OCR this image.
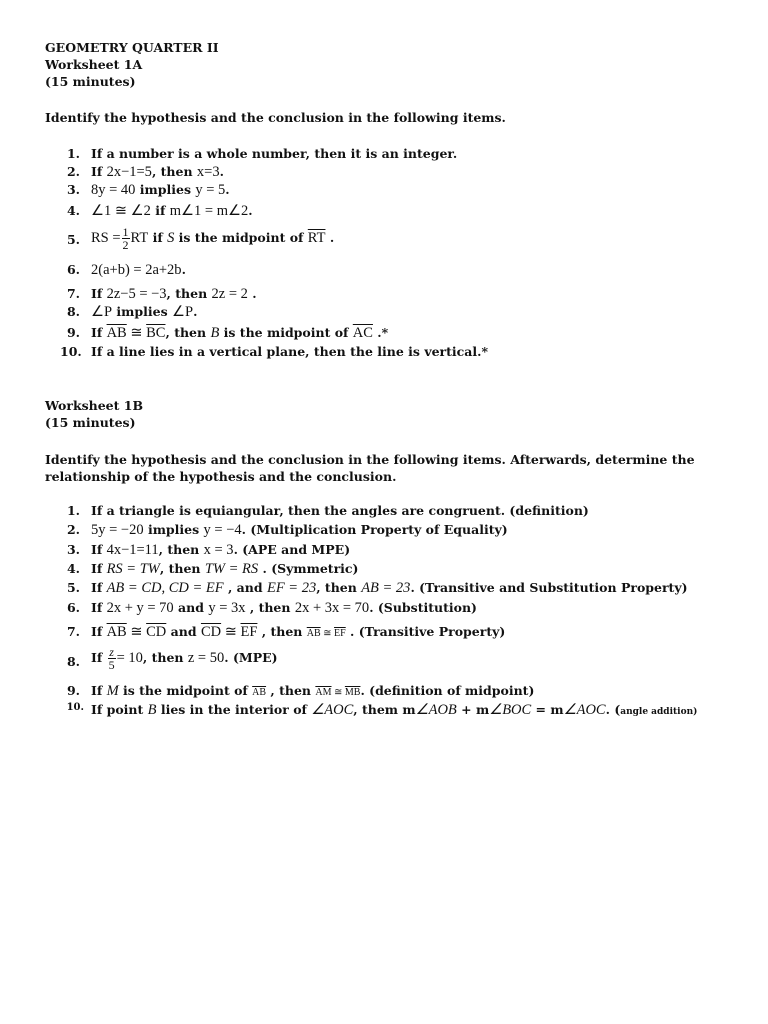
GEOMETRY QUARTER II
Worksheet 1A
(15 minutes)
Identify the hypothesis and the conclusion in the following items.
1. If a number is a whole number, then it is an integer.
2. If 2x−1=5, then x=3.
3. 8y = 40 implies y = 5.
4. ∠1 ≅ ∠2 if m∠1 = m∠2.
5. RS = $\frac{1}{2}$ RT if S is the midpoint of $\overline{RT}$ .
6. 2(a+b) = 2a+2b.
7. If 2z−5 = −3, then 2z = 2 .
8. ∠P implies ∠P.
9. If $\overline{AB}$ ≅ $\overline{BC}$, then B is the midpoint of $\overline{AC}$ .*
10. If a line lies in a vertical plane, then the line is vertical.*
Worksheet 1B
(15 minutes)
Identify the hypothesis and the conclusion in the following items. Afterwards, determine the relationship of the hypothesis and the conclusion.
1. If a triangle is equiangular, then the angles are congruent. (definition)
2. 5y = −20 implies y = −4. (Multiplication Property of Equality)
3. If 4x−1=11, then x = 3. (APE and MPE)
4. If RS = TW, then TW = RS . (Symmetric)
5. If AB = CD, CD = EF , and EF = 23, then AB = 23. (Transitive and Substitution Property)
6. If 2x + y = 70 and y = 3x , then 2x + 3x = 70. (Substitution)
7. If $\overline{AB}$ ≅ $\overline{CD}$ and $\overline{CD}$ ≅ $\overline{EF}$ , then $\overline{AB}$ ≅ $\overline{EF}$ . (Transitive Property)
8. If $\frac{z}{5} = 10$, then z = 50. (MPE)
9. If M is the midpoint of $\overline{AB}$ , then $\overline{AM}$ ≅ $\overline{MB}$. (definition of midpoint)
10. If point B lies in the interior of ∠AOC, them m∠AOB + m∠BOC = m∠AOC. (angle addition)
